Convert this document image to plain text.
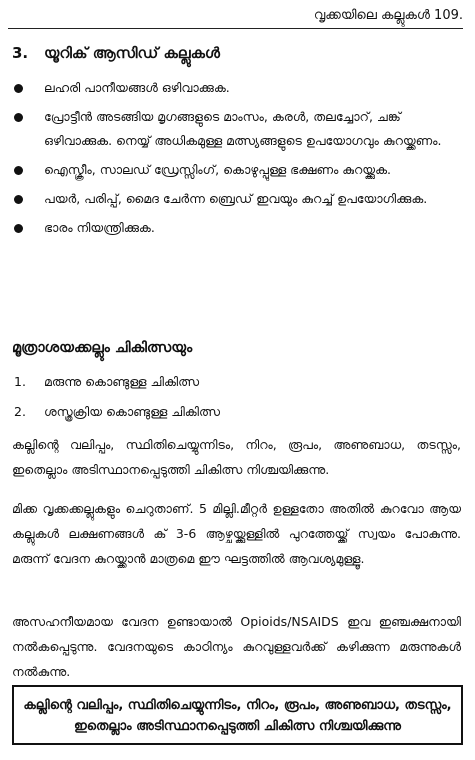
വൃക്കയിലെ കല്ലുകൾ 109.
3. യൂറിക് ആസിഡ് കല്ലുകൾ
ലഹരി പാനീയങ്ങൾ ഒഴിവാക്കുക.
പ്രോട്ടീൻ അടങ്ങിയ മൃഗങ്ങളുടെ മാംസം, കരൾ, തലച്ചോറ്, ചങ്ക് ഒഴിവാക്കുക. നെയ്യ് അധികമുള്ള മത്സ്യങ്ങളുടെ ഉപയോഗവും കുറയ്ക്കണം.
ഐസ്ക്രീം, സാലഡ് ഡ്രേസ്സിംഗ്, കൊഴുപ്പുള്ള ഭക്ഷണം കുറയ്ക്കുക.
പയർ, പരിപ്പ്, മൈദ ചേർന്ന ബ്രെഡ് ഇവയും കുറച്ച് ഉപയോഗിക്കുക.
ഭാരം നിയന്ത്രിക്കുക.
മൂത്രാശയക്കല്ലും ചികിത്സയും
1. മരുന്നു കൊണ്ടുള്ള ചികിത്സ
2. ശസ്ത്രക്രിയ കൊണ്ടുള്ള ചികിത്സ

കല്ലിന്റെ വലിപ്പം, സ്ഥിതിചെയ്യുന്നിടം, നിറം, രൂപം, അണുബാധ, തടസ്സം, ഇതെല്ലാം അടിസ്ഥാനപ്പെടുത്തി ചികിത്സ നിശ്ചയിക്കുന്നു.

മിക്ക വൃക്കക്കല്ലുകളും ചെറുതാണ്. 5 മില്ലി.മീറ്റർ ഉള്ളതോ അതിൽ കുറവോ ആയ കല്ലുകൾ ലക്ഷണങ്ങൾ ക് 3-6 ആഴ്ചയ്ക്കുള്ളിൽ പുറത്തേയ്ക്ക് സ്വയം പോകുന്നു. മരുന്ന് വേദന കുറയ്ക്കാൻ മാത്രമെ ഈ ഘട്ടത്തിൽ ആവശ്യമുള്ളൂ.

അസഹനീയമായ വേദന ഉണ്ടായാൽ Opioids/NSAIDS ഇവ ഇഞ്ചക്ഷനായി നൽകപ്പെടുന്നു. വേദനയുടെ കാഠിന്യം കുറവുള്ളവർക്ക് കഴിക്കുന്ന മരുന്നുകൾ നൽകുന്നു.

കല്ലിന്റെ വലിപ്പം, സ്ഥിതിചെയ്യുന്നിടം, നിറം, രൂപം, അണുബാധ, തടസ്സം, ഇതെല്ലാം അടിസ്ഥാനപ്പെടുത്തി ചികിത്സ നിശ്ചയിക്കുന്നു
